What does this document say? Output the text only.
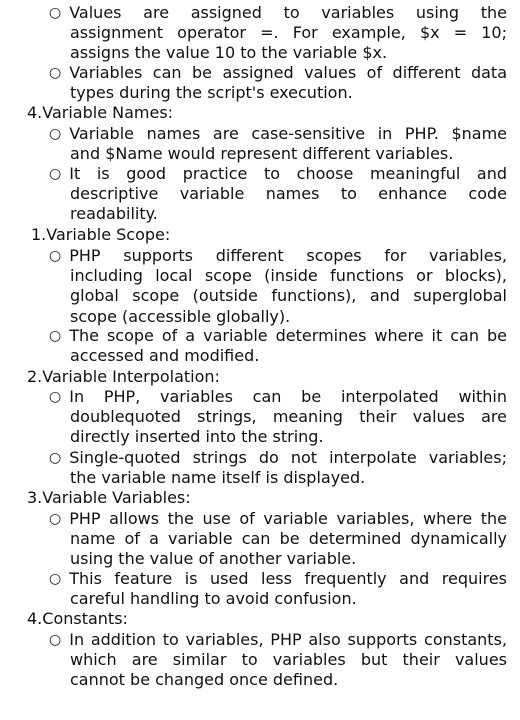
○ Values are assigned to variables using the
assignment operator =. For example, $x = 10;
assigns the value 10 to the variable $x.
○ Variables can be assigned values of different data
types during the script's execution.
4.Variable Names:
○ Variable names are case-sensitive in PHP. $name
and $Name would represent different variables.
○ It is good practice to choose meaningful and
descriptive variable names to enhance code
readability.
1.Variable Scope:
○ PHP supports different scopes for variables,
including local scope (inside functions or blocks),
global scope (outside functions), and superglobal
scope (accessible globally).
○ The scope of a variable determines where it can be
accessed and modified.
2.Variable Interpolation:
○ In PHP, variables can be interpolated within
doublequoted strings, meaning their values are
directly inserted into the string.
○ Single-quoted strings do not interpolate variables;
the variable name itself is displayed.
3.Variable Variables:
○ PHP allows the use of variable variables, where the
name of a variable can be determined dynamically
using the value of another variable.
○ This feature is used less frequently and requires
careful handling to avoid confusion.
4.Constants:
○ In addition to variables, PHP also supports constants,
which are similar to variables but their values
cannot be changed once defined.
